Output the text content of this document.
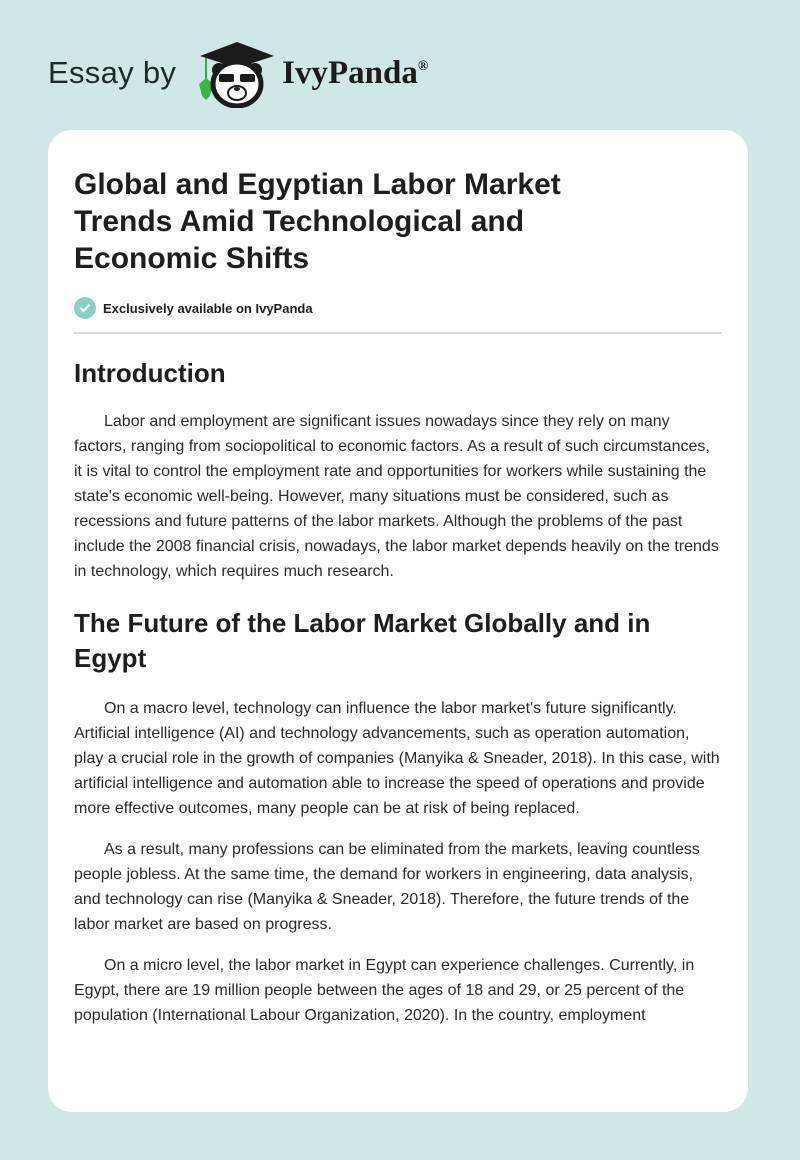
Essay by	IvyPanda®
Global and Egyptian Labor Market Trends Amid Technological and Economic Shifts
Exclusively available on IvyPanda
Introduction

Labor and employment are significant issues nowadays since they rely on many factors, ranging from sociopolitical to economic factors. As a result of such circumstances, it is vital to control the employment rate and opportunities for workers while sustaining the state's economic well-being. However, many situations must be considered, such as recessions and future patterns of the labor markets. Although the problems of the past include the 2008 financial crisis, nowadays, the labor market depends heavily on the trends in technology, which requires much research.

The Future of the Labor Market Globally and in Egypt

On a macro level, technology can influence the labor market's future significantly. Artificial intelligence (AI) and technology advancements, such as operation automation, play a crucial role in the growth of companies (Manyika & Sneader, 2018). In this case, with artificial intelligence and automation able to increase the speed of operations and provide more effective outcomes, many people can be at risk of being replaced.

As a result, many professions can be eliminated from the markets, leaving countless people jobless. At the same time, the demand for workers in engineering, data analysis, and technology can rise (Manyika & Sneader, 2018). Therefore, the future trends of the labor market are based on progress.

On a micro level, the labor market in Egypt can experience challenges. Currently, in Egypt, there are 19 million people between the ages of 18 and 29, or 25 percent of the population (International Labour Organization, 2020). In the country, employment
